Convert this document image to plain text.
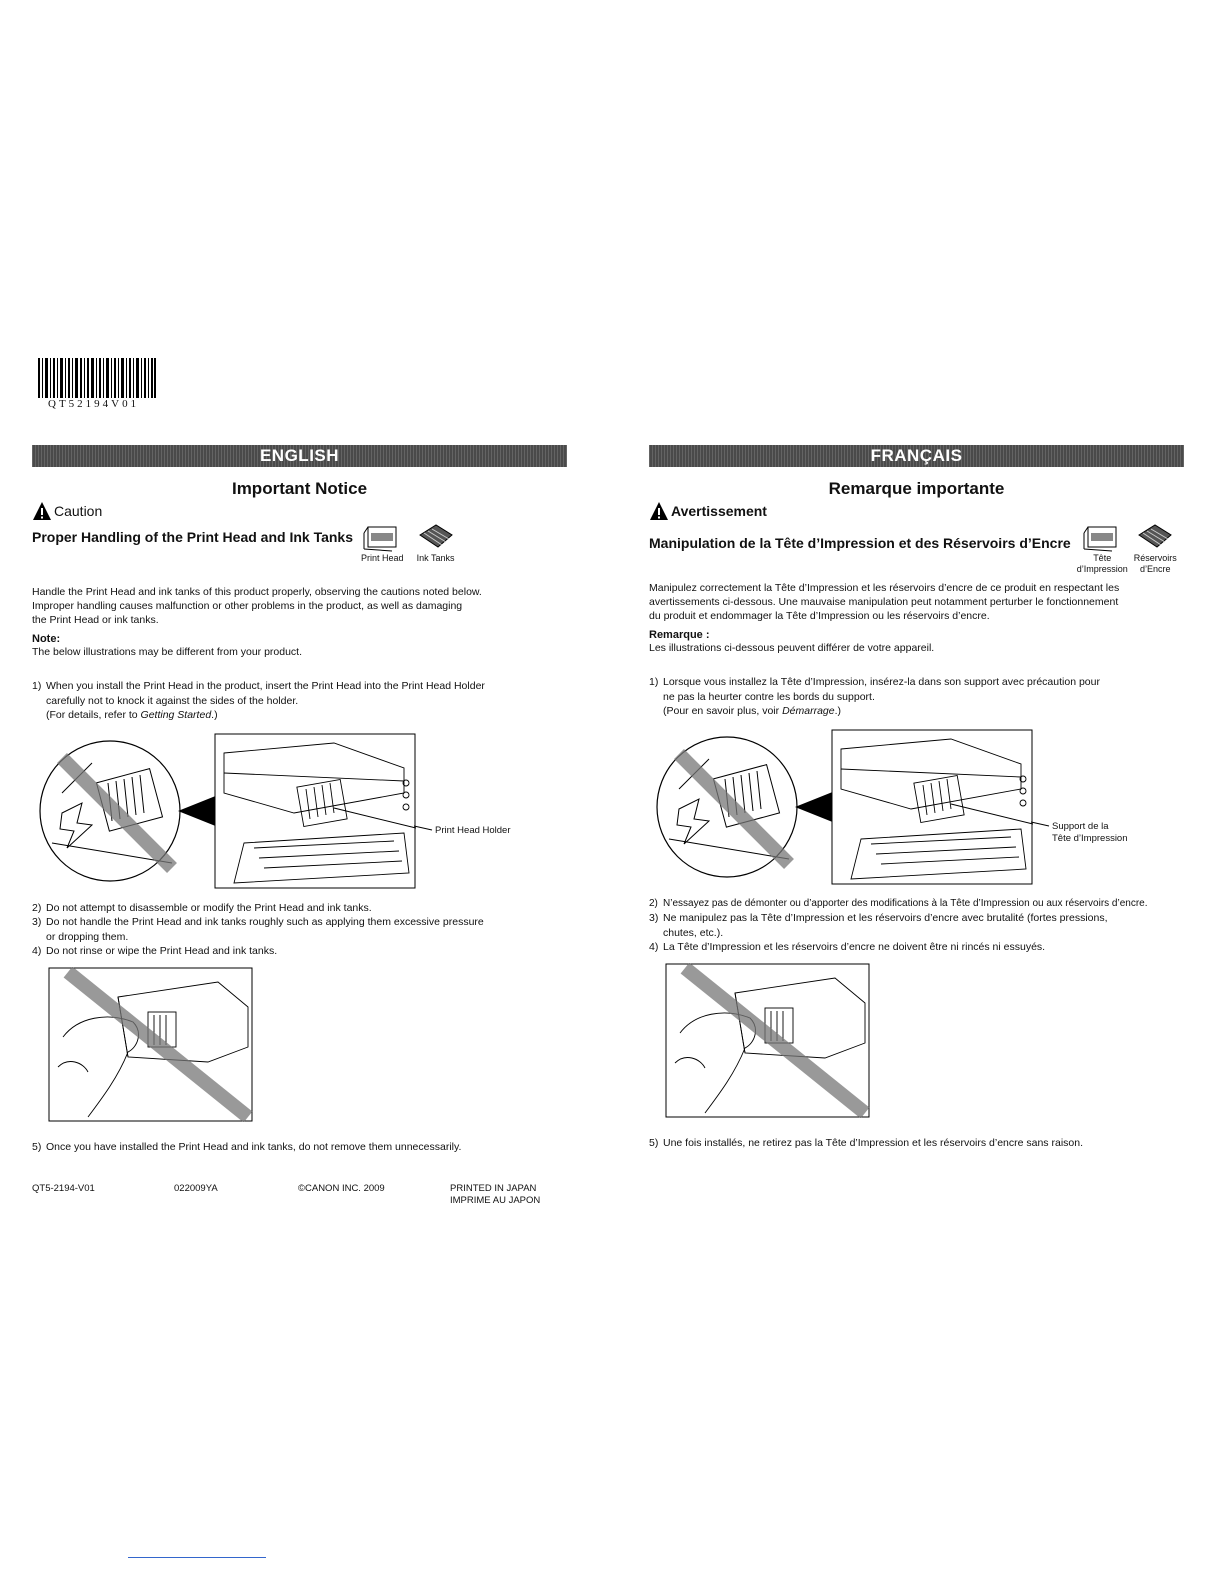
QT52194V01
ENGLISH
Important Notice
Caution
Proper Handling of the Print Head and Ink Tanks
Print Head Ink Tanks
Handle the Print Head and ink tanks of this product properly, observing the cautions noted below.
Improper handling causes malfunction or other problems in the product, as well as damaging
the Print Head or ink tanks.
Note:
The below illustrations may be different from your product.
1) When you install the Print Head in the product, insert the Print Head into the Print Head Holder
carefully not to knock it against the sides of the holder.
(For details, refer to Getting Started.)
Print Head Holder
2) Do not attempt to disassemble or modify the Print Head and ink tanks.
3) Do not handle the Print Head and ink tanks roughly such as applying them excessive pressure
or dropping them.
4) Do not rinse or wipe the Print Head and ink tanks.
5) Once you have installed the Print Head and ink tanks, do not remove them unnecessarily.
FRANÇAIS
Remarque importante
Avertissement
Manipulation de la Tête d’Impression et des Réservoirs d’Encre
Tête
d’Impression
Réservoirs
d’Encre
Manipulez correctement la Tête d’Impression et les réservoirs d’encre de ce produit en respectant les
avertissements ci-dessous. Une mauvaise manipulation peut notamment perturber le fonctionnement
du produit et endommager la Tête d’Impression ou les réservoirs d’encre.
Remarque :
Les illustrations ci-dessous peuvent différer de votre appareil.
1) Lorsque vous installez la Tête d’Impression, insérez-la dans son support avec précaution pour
ne pas la heurter contre les bords du support.
(Pour en savoir plus, voir Démarrage.)
Support de la
Tête d’Impression
2) N’essayez pas de démonter ou d’apporter des modifications à la Tête d’Impression ou aux réservoirs d’encre.
3) Ne manipulez pas la Tête d’Impression et les réservoirs d’encre avec brutalité (fortes pressions,
chutes, etc.).
4) La Tête d’Impression et les réservoirs d’encre ne doivent être ni rincés ni essuyés.
5) Une fois installés, ne retirez pas la Tête d’Impression et les réservoirs d’encre sans raison.
QT5-2194-V01	022009YA	©CANON INC. 2009	PRINTED IN JAPAN
IMPRIME AU JAPON
